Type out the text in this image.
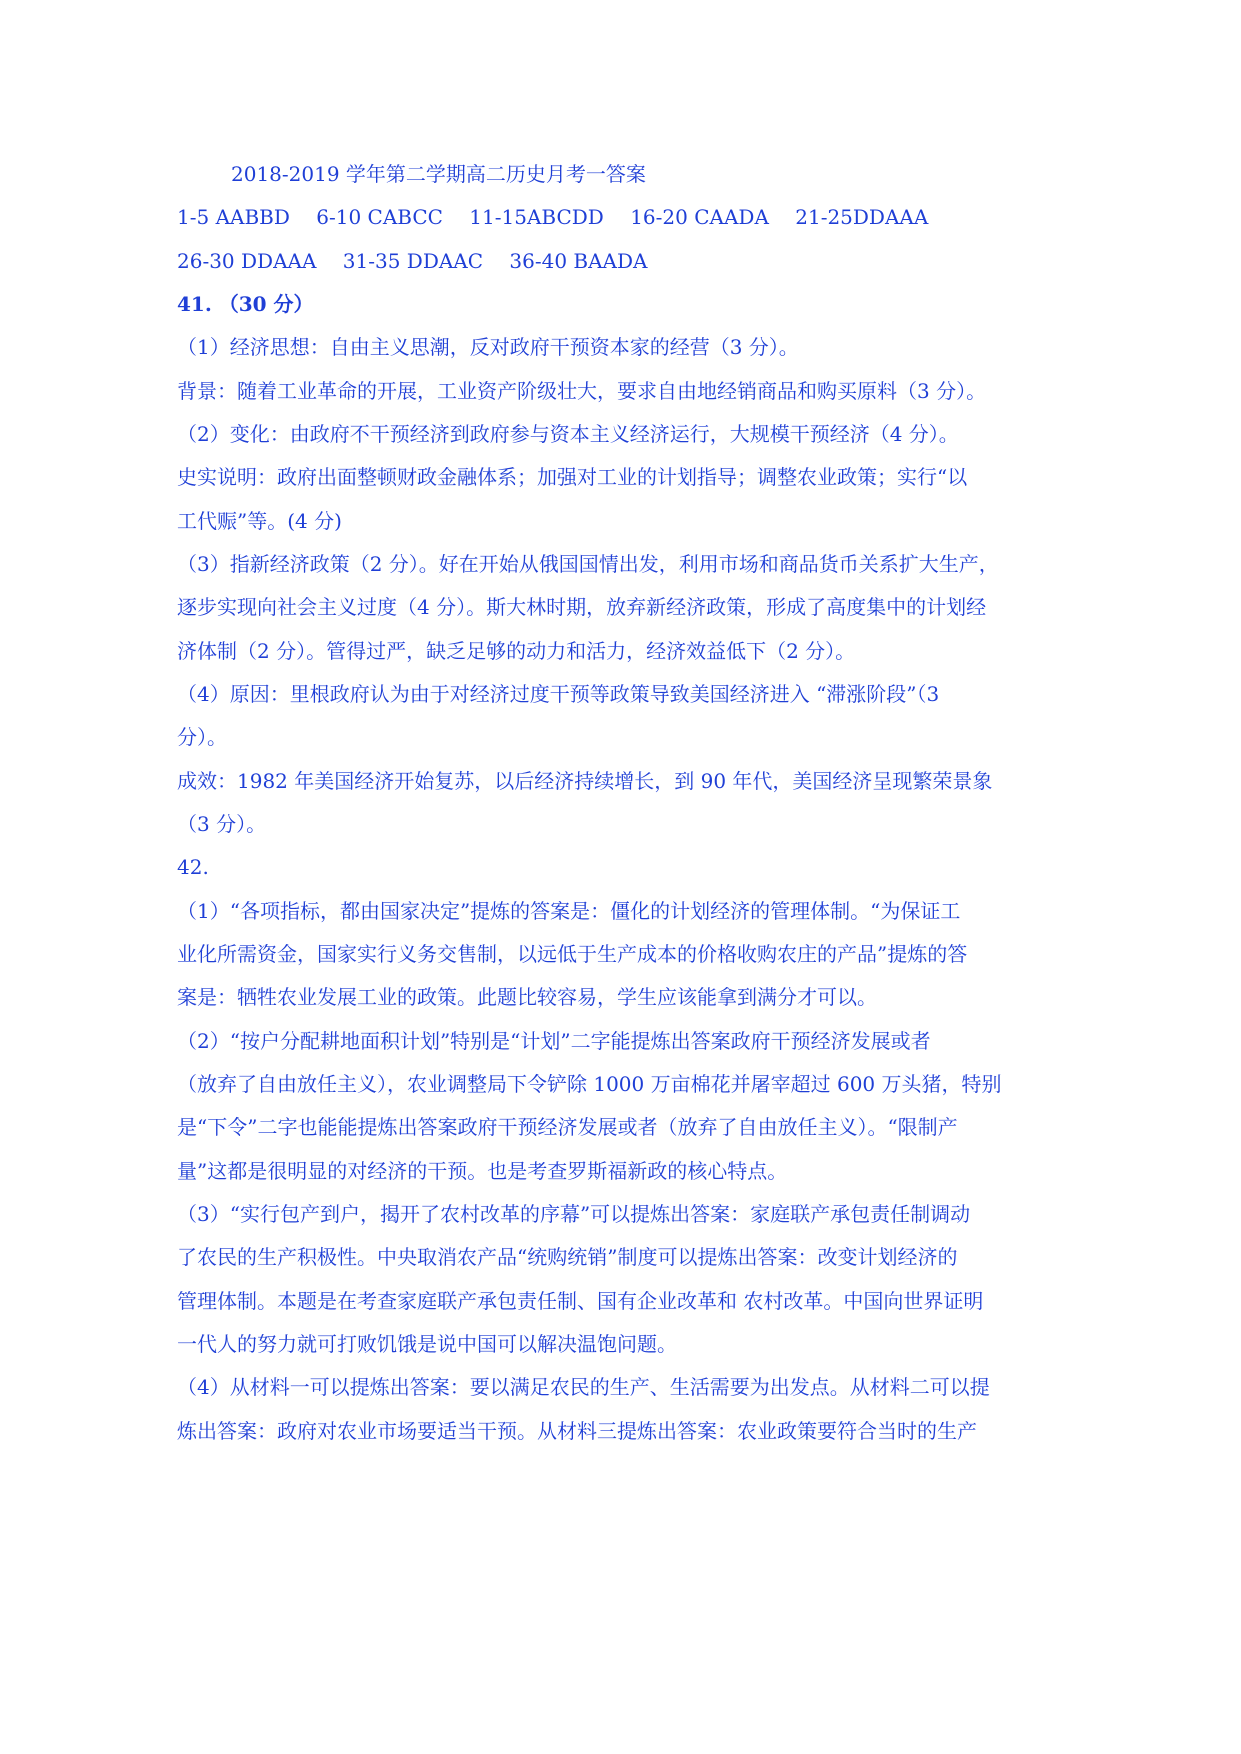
2018-2019 学年第二学期高二历史月考一答案
1-5 AABBD　 6-10 CABCC　 11-15ABCDD　 16-20 CAADA　 21-25DDAAA
26-30 DDAAA　 31-35 DDAAC　 36-40 BAADA
41. （30 分）
（1）经济思想：自由主义思潮，反对政府干预资本家的经营（3 分）。
背景：随着工业革命的开展，工业资产阶级壮大，要求自由地经销商品和购买原料（3 分）。
（2）变化：由政府不干预经济到政府参与资本主义经济运行，大规模干预经济（4 分）。
史实说明：政府出面整顿财政金融体系；加强对工业的计划指导；调整农业政策；实行“以
工代赈”等。(4 分)
（3）指新经济政策（2 分）。好在开始从俄国国情出发，利用市场和商品货币关系扩大生产，
逐步实现向社会主义过度（4 分）。斯大林时期，放弃新经济政策，形成了高度集中的计划经
济体制（2 分）。管得过严，缺乏足够的动力和活力，经济效益低下（2 分）。
（4）原因：里根政府认为由于对经济过度干预等政策导致美国经济进入 “滞涨阶段”（3
分）。
成效：1982 年美国经济开始复苏，以后经济持续增长，到 90 年代，美国经济呈现繁荣景象
（3 分）。
42.
（1）“各项指标，都由国家决定”提炼的答案是：僵化的计划经济的管理体制。“为保证工
业化所需资金，国家实行义务交售制，以远低于生产成本的价格收购农庄的产品”提炼的答
案是：牺牲农业发展工业的政策。此题比较容易，学生应该能拿到满分才可以。
（2）“按户分配耕地面积计划”特别是“计划”二字能提炼出答案政府干预经济发展或者
（放弃了自由放任主义），农业调整局下令铲除 1000 万亩棉花并屠宰超过 600 万头猪，特别
是“下令”二字也能能提炼出答案政府干预经济发展或者（放弃了自由放任主义）。“限制产
量”这都是很明显的对经济的干预。也是考查罗斯福新政的核心特点。
（3）“实行包产到户，揭开了农村改革的序幕”可以提炼出答案：家庭联产承包责任制调动
了农民的生产积极性。中央取消农产品“统购统销”制度可以提炼出答案：改变计划经济的
管理体制。本题是在考查家庭联产承包责任制、国有企业改革和 农村改革。中国向世界证明
一代人的努力就可打败饥饿是说中国可以解决温饱问题。
（4）从材料一可以提炼出答案：要以满足农民的生产、生活需要为出发点。从材料二可以提
炼出答案：政府对农业市场要适当干预。从材料三提炼出答案：农业政策要符合当时的生产
